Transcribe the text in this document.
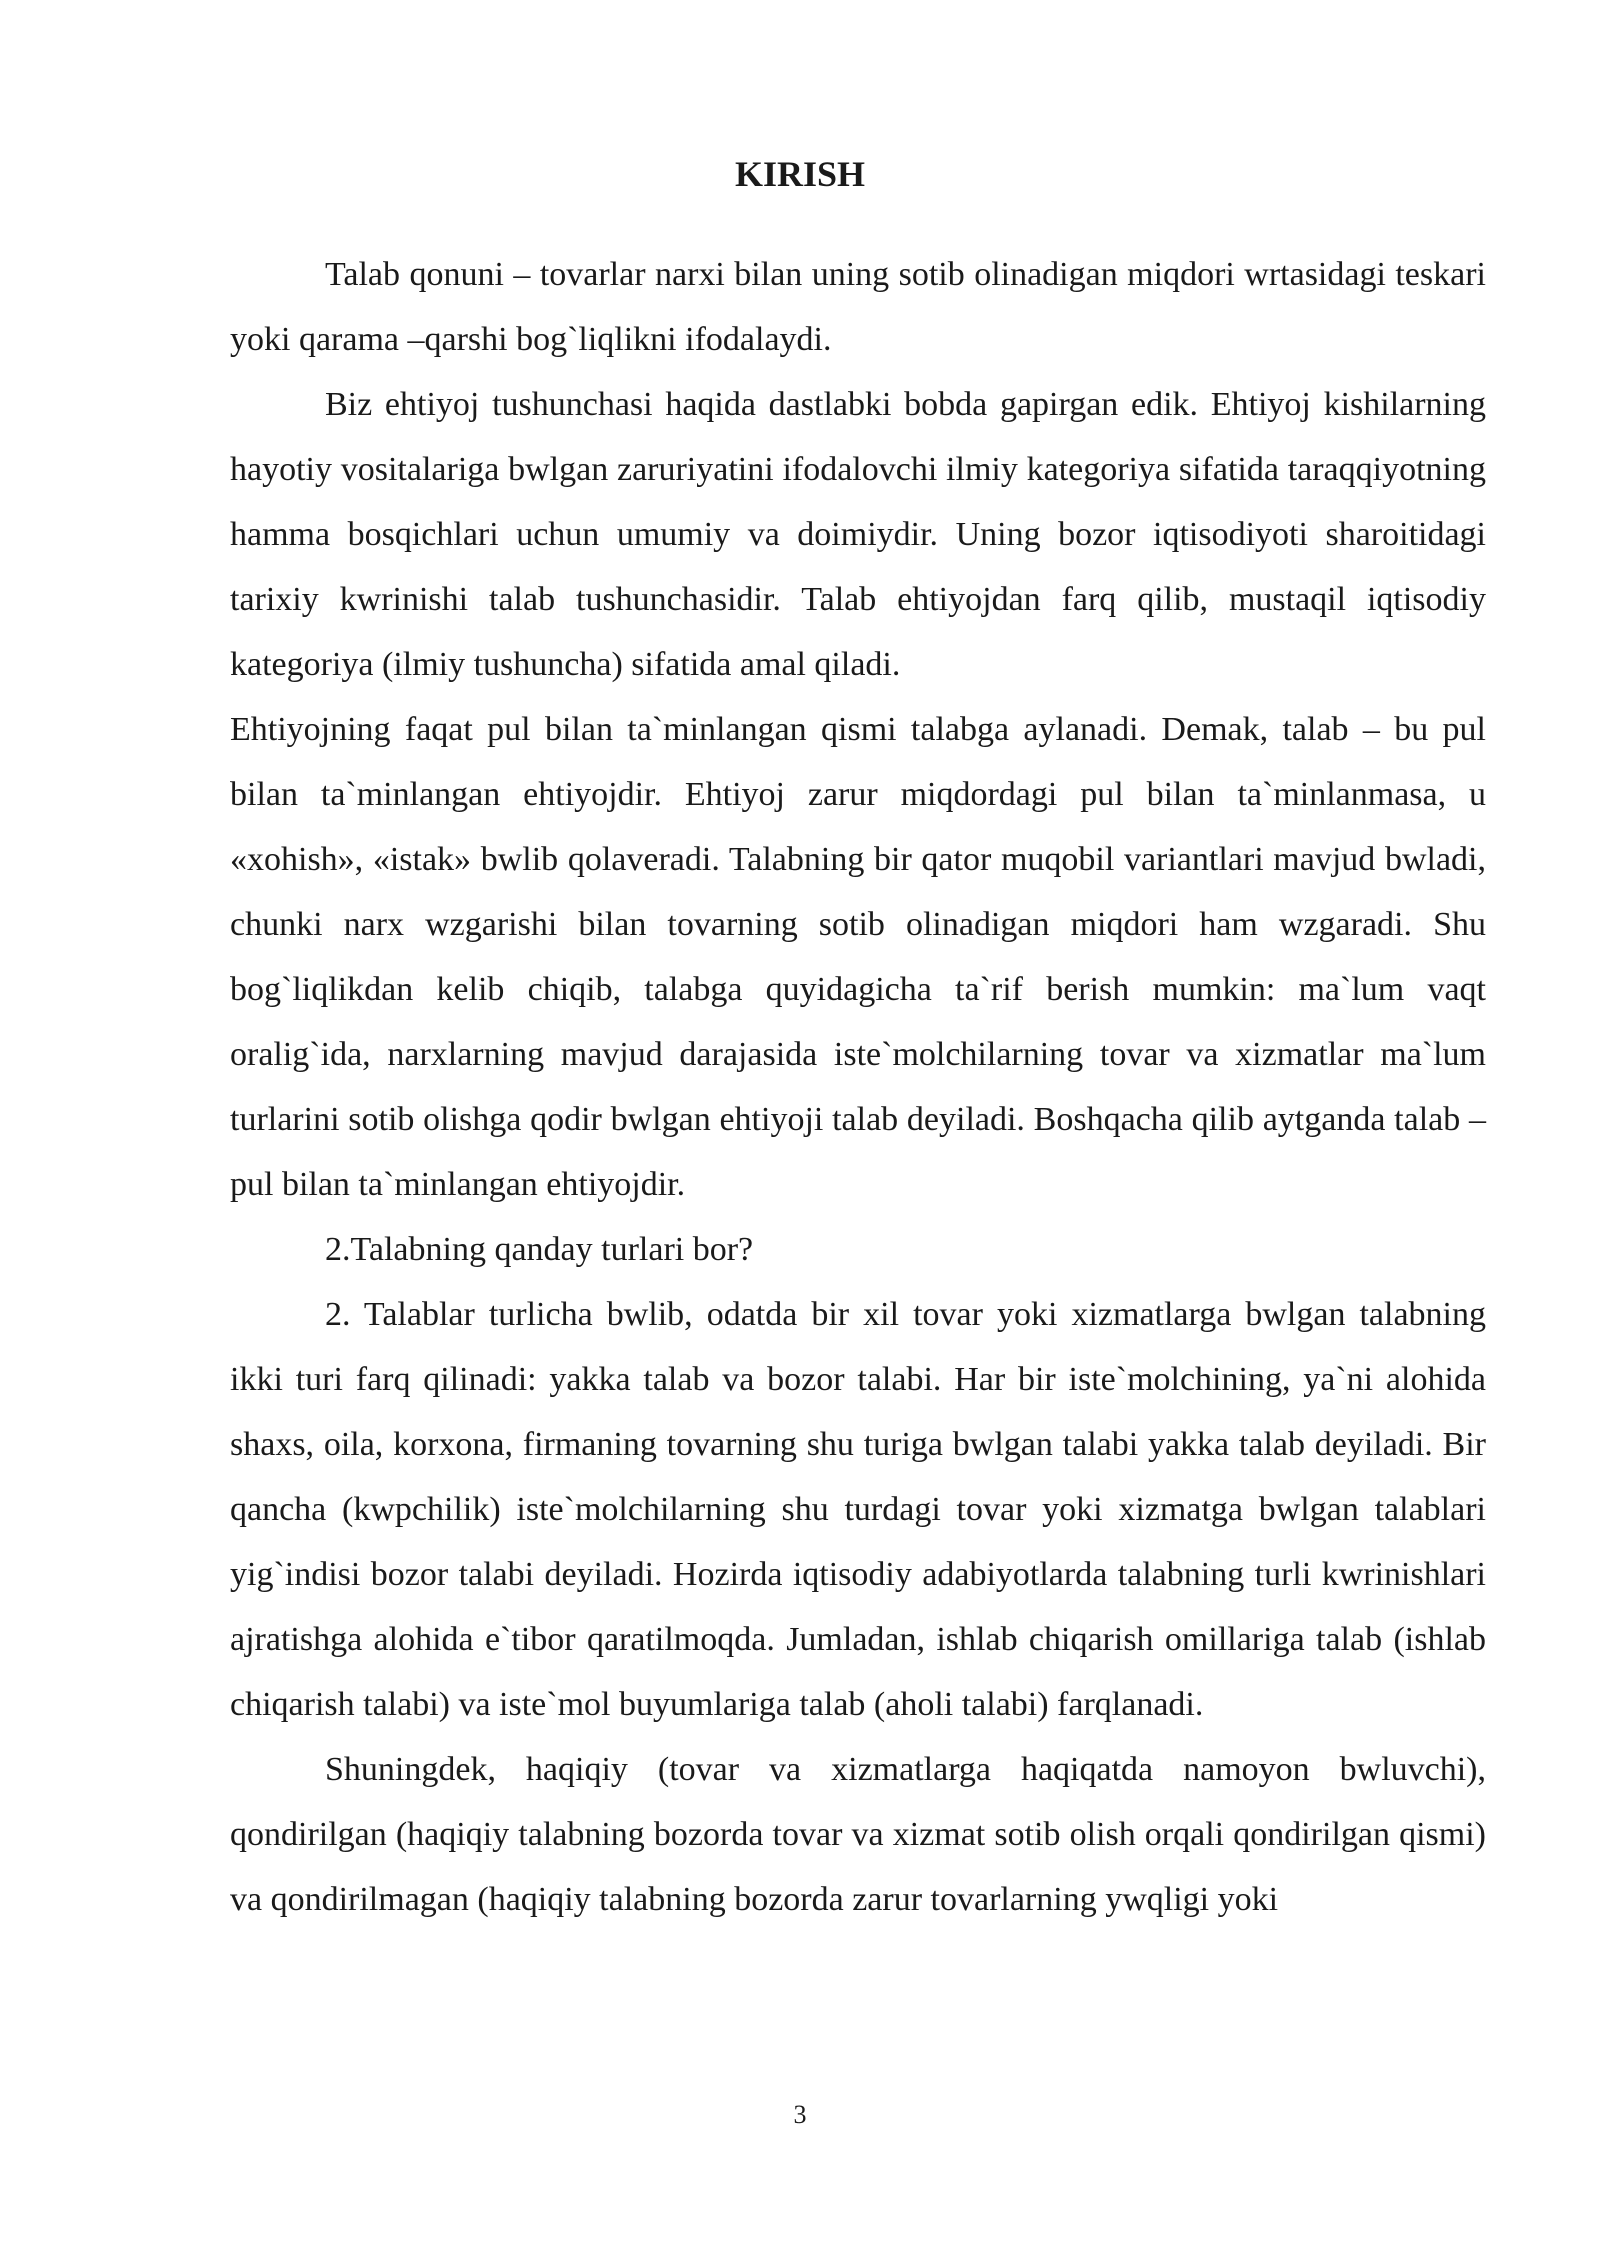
KIRISH

Talab qonuni – tovarlar narxi bilan uning sotib olinadigan miqdori wrtasidagi teskari yoki qarama –qarshi bog`liqlikni ifodalaydi.

Biz ehtiyoj tushunchasi haqida dastlabki bobda gapirgan edik. Ehtiyoj kishilarning hayotiy vositalariga bwlgan zaruriyatini ifodalovchi ilmiy kategoriya sifatida taraqqiyotning hamma bosqichlari uchun umumiy va doimiydir. Uning bozor iqtisodiyoti sharoitidagi tarixiy kwrinishi talab tushunchasidir. Talab ehtiyojdan farq qilib, mustaqil iqtisodiy kategoriya (ilmiy tushuncha) sifatida amal qiladi.

Ehtiyojning faqat pul bilan ta`minlangan qismi talabga aylanadi. Demak, talab – bu pul bilan ta`minlangan ehtiyojdir. Ehtiyoj zarur miqdordagi pul bilan ta`minlanmasa, u «xohish», «istak» bwlib qolaveradi. Talabning bir qator muqobil variantlari mavjud bwladi, chunki narx wzgarishi bilan tovarning sotib olinadigan miqdori ham wzgaradi. Shu bog`liqlikdan kelib chiqib, talabga quyidagicha ta`rif berish mumkin: ma`lum vaqt oralig`ida, narxlarning mavjud darajasida iste`molchilarning tovar va xizmatlar ma`lum turlarini sotib olishga qodir bwlgan ehtiyoji talab deyiladi. Boshqacha qilib aytganda talab – pul bilan ta`minlangan ehtiyojdir.

2.Talabning qanday turlari bor?

2. Talablar turlicha bwlib, odatda bir xil tovar yoki xizmatlarga bwlgan talabning ikki turi farq qilinadi: yakka talab va bozor talabi. Har bir iste`molchining, ya`ni alohida shaxs, oila, korxona, firmaning tovarning shu turiga bwlgan talabi yakka talab deyiladi. Bir qancha (kwpchilik) iste`molchilarning shu turdagi tovar yoki xizmatga bwlgan talablari yig`indisi bozor talabi deyiladi. Hozirda iqtisodiy adabiyotlarda talabning turli kwrinishlari ajratishga alohida e`tibor qaratilmoqda. Jumladan, ishlab chiqarish omillariga talab (ishlab chiqarish talabi) va iste`mol buyumlariga talab (aholi talabi) farqlanadi.

Shuningdek, haqiqiy (tovar va xizmatlarga haqiqatda namoyon bwluvchi), qondirilgan (haqiqiy talabning bozorda tovar va xizmat sotib olish orqali qondirilgan qismi) va qondirilmagan (haqiqiy talabning bozorda zarur tovarlarning ywqligi yoki

3
